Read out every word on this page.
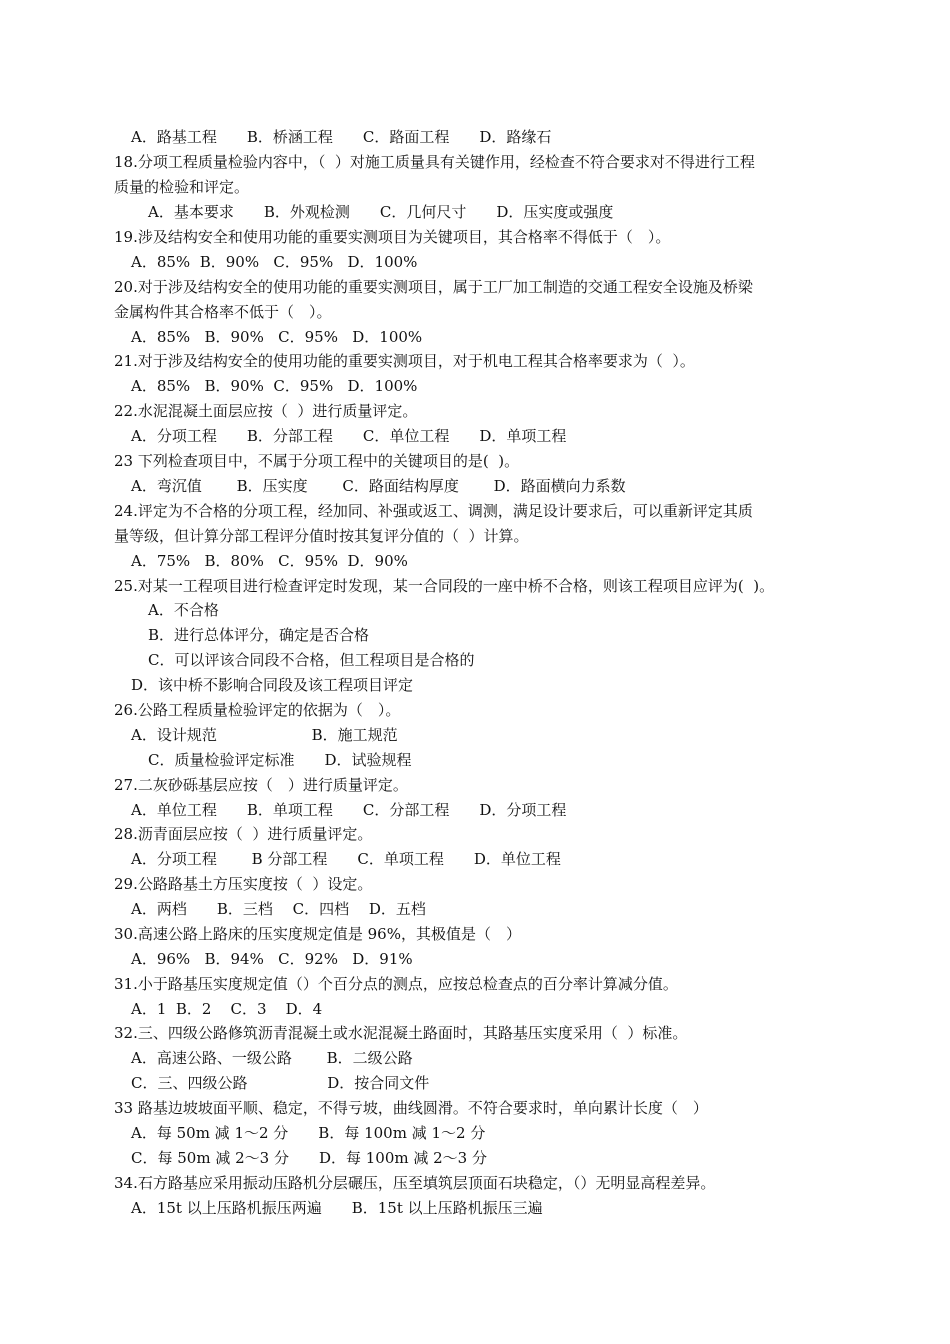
A．路基工程　　B．桥涵工程　　C．路面工程　　D．路缘石
18.分项工程质量检验内容中，（  ）对施工质量具有关键作用，经检查不符合要求对不得进行工程
质量的检验和评定。
A．基本要求　　B．外观检测　　C．几何尺寸　　D．压实度或强度
19.涉及结构安全和使用功能的重要实测项目为关键项目，其合格率不得低于（　）。
A．85%  B．90%   C．95%   D．100%
20.对于涉及结构安全的使用功能的重要实测项目，属于工厂加工制造的交通工程安全设施及桥梁
金属构件其合格率不低于（　）。
A．85%   B．90%   C．95%   D．100%
21.对于涉及结构安全的使用功能的重要实测项目，对于机电工程其合格率要求为（  ）。
A．85%   B．90%  C．95%   D．100%
22.水泥混凝土面层应按（  ）进行质量评定。
A．分项工程　　B．分部工程　　C．单位工程　　D．单项工程
23 下列检查项目中，不属于分项工程中的关键项目的是(  )。
A．弯沉值　　 B．压实度　　 C．路面结构厚度　　 D．路面横向力系数
24.评定为不合格的分项工程，经加同、补强或返工、调测，满足设计要求后，可以重新评定其质
量等级，但计算分部工程评分值时按其复评分值的（  ）计算。
A．75%   B．80%   C．95%  D．90%
25.对某一工程项目进行检查评定时发现，某一合同段的一座中桥不合格，则该工程项目应评为(  )。
A．不合格
B．进行总体评分，确定是否合格
C．可以评该合同段不合格，但工程项目是合格的
D．该中桥不影响合同段及该工程项目评定
26.公路工程质量检验评定的依据为（　）。
A．设计规范　　　　　　 B．施工规范
C．质量检验评定标准　　D．试验规程
27.二灰砂砾基层应按（　）进行质量评定。
A．单位工程　　B．单项工程　　C．分部工程　　D．分项工程
28.沥青面层应按（  ）进行质量评定。
A．分项工程　　 B 分部工程　　C．单项工程　　D．单位工程
29.公路路基土方压实度按（  ）设定。
A．两档　　B．三档　 C．四档　 D．五档
30.高速公路上路床的压实度规定值是 96%，其极值是（　）
A．96%   B．94%   C．92%   D．91%
31.小于路基压实度规定值（）个百分点的测点，应按总检查点的百分率计算减分值。
A．1  B．2    C．3    D．4
32.三、四级公路修筑沥青混凝土或水泥混凝土路面时，其路基压实度采用（  ）标准。
A．高速公路、一级公路　　 B．二级公路
C．三、四级公路　　　　　 D．按合同文件
33 路基边坡坡面平顺、稳定，不得亏坡，曲线圆滑。不符合要求时，单向累计长度（　）
A．每 50m 减 1～2 分　　B．每 100m 减 1～2 分
C．每 50m 减 2～3 分　　D．每 100m 减 2～3 分
34.石方路基应采用振动压路机分层碾压，压至填筑层顶面石块稳定，（）无明显高程差异。
A．15t 以上压路机振压两遍　　B．15t 以上压路机振压三遍
